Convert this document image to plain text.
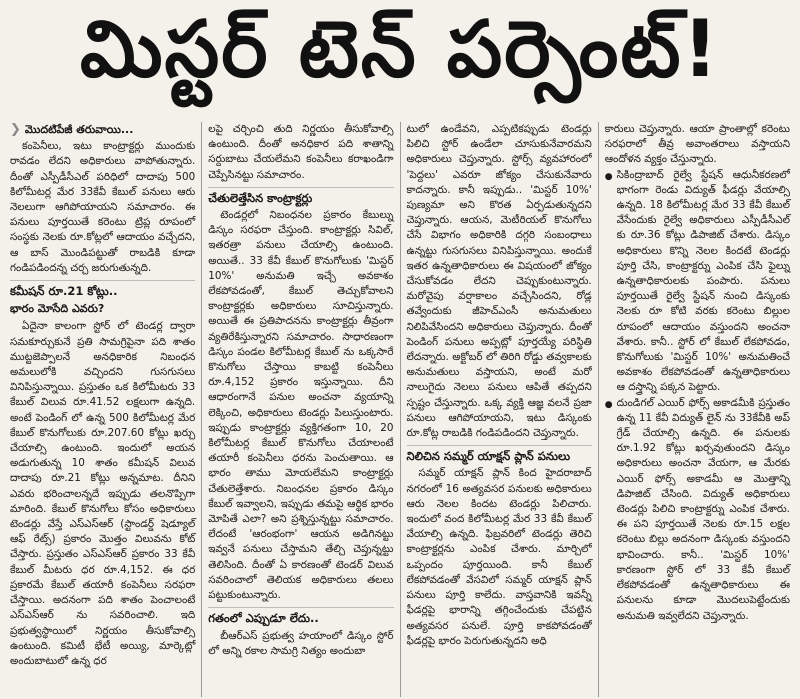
మిస్టర్ టెన్ పర్సెంట్!
❯ మొదటిపేజీ తరువాయి...

కంపెనీలు, ఇటు కాంట్రాక్టర్లు ముందుకు రావడం లేదని అధికారులు వాపోతున్నారు. దీంతో ఎస్పీడీసీఎల్ పరిధిలో దాదాపు 500 కిలోమీటర్ల మేర 33కేవీ కేబుల్ పనులు ఆరు నెలలుగా ఆగిపోయాయని సమాచారం. ఈ పనులు పూర్తయితే కరెంటు ట్రిప్ల రూపంలో సంస్థకు నెలకు రూ.కోట్లలో ఆదాయం వచ్చేదని, ఆ బాస్ మొండిపట్టుతో రాబడికి కూడా గండిపడిందన్న చర్చ జరుగుతున్నది.

కమీషన్ రూ.21 కోట్లు..
భారం మోసేది ఎవరు?

ఏదైనా కాలంగా స్టోర్ లో టెండర్ల ద్వారా సమకూర్చుకునే ప్రతి సామగ్రిపైనా పది శాతం ముట్టజెప్పాలనే అనధికారిక నిబంధన అమలులోకి వచ్చిందని గుసగుసలు వినిపిస్తున్నాయి. ప్రస్తుతం ఒక కిలోమీటరు 33 కేబుల్ విలువ రూ.41.52 లక్షలుగా ఉన్నది. అంటే పెండింగ్ లో ఉన్న 500 కిలోమీటర్ల మేర కేబుల్ కొనుగోలుకు రూ.207.60 కోట్లు ఖర్చు చేయాల్సి ఉంటుంది. ఇందులో అయన అడుగుతున్న 10 శాతం కమీషన్ విలువ దాదాపు రూ.21 కోట్లు అన్నమాట. దీనిని ఎవరు భరించాలన్నదే ఇప్పుడు తలనొప్పిగా మారింది. కేబుల్ కొనుగోలు కోసం అధికారులు టెండర్లు వేస్తే ఎస్ఎస్ఆర్ (స్టాండర్డ్ షెడ్యూల్ ఆఫ్ రేట్స్) ప్రకారం మొత్తం విలువను కోట్ చేస్తారు. ప్రస్తుతం ఎస్ఎస్ఆర్ ప్రకారం 33 కేవీ కేబుల్ మీటరు ధర రూ.4,152. ఈ ధర ప్రకారమే కేబుల్ తయారీ కంపెనీలు సరఫరా చేస్తాయి. అదనంగా పది శాతం పెంచాలంటే ఎస్ఎస్ఆర్ ను సవరించాలి. ఇది ప్రభుత్వస్థాయిలో నిర్ణయం తీసుకోవాల్సి ఉంటుంది. కమిటీ భేటీ అయ్యి, మార్కెట్లో అందుబాటులో ఉన్న ధర

లపై చర్చించి తుది నిర్ణయం తీసుకోవాల్సి ఉంటుంది. దీంతో అనధికార పది శాతాన్ని సర్దుబాటు చేయలేమని కంపెనీలు కరాఖండిగా చెప్పేసినట్టు సమాచారం.

చేతులెత్తేసిన కాంట్రాక్టర్లు

టెండర్లలో నిబంధనల ప్రకారం కేబుల్ను డిస్కం సరఫరా చేస్తుంది. కాంట్రాక్టర్లు సివిల్, ఇతరత్రా పనులు చేయాల్సి ఉంటుంది. అయితే.. 33 కేవీ కేబుల్ కొనుగోలుకు 'మిస్టర్ 10%' అనుమతి ఇచ్చే అవకాశం లేకపోవడంతో, కేబుల్ తెచ్చుకోవాలని కాంట్రాక్టర్లకు అధికారులు సూచిస్తున్నారు. అయితే ఈ ప్రతిపాదనను కాంట్రాక్టర్లు తీవ్రంగా వ్యతిరేకిస్తున్నారని సమాచారం. సాధారణంగా డిస్కం పండల కిలోమీటర్ల కేబుల్ ను ఒక్కసారే కొనుగోలు చేస్తాయి కాబట్టి కంపెనీలు రూ.4,152 ప్రకారం ఇస్తున్నాయి. దీని ఆధారంగానే పనుల అంచనా వ్యయాన్ని లెక్కించి, అధికారులు టెండర్లు పిలుస్తుంటారు. ఇప్పుడు కాంట్రాక్టర్లు వ్యక్తిగతంగా 10, 20 కిలోమీటర్ల కేబుల్ కొనుగోలు చేయాలంటే తయారీ కంపెనీలు ధరను పెంచుతాయి. ఆ భారం తాము మోయలేమని కాంట్రాక్టర్లు చేతులెత్తేశారు. నిబంధనల ప్రకారం డిస్కం కేబుల్ ఇవ్వాలని, ఇప్పుడు తమపై ఆర్థిక భారం మోపితే ఎలా? అని ప్రశ్నిస్తున్నట్టు సమాచారం. లేదంటే 'ఆరంభంగా' ఆయన అడిగినట్టు ఇవ్వనే పనులు చేస్తామని తేల్చి చెప్తున్నట్టు తెలిసింది. దీంతో ఏ కారణంతో టెండర్ విలువ సవరించాలో తెలియక అధికారులు తలలు పట్టుకుంటున్నారు.

గతంలో ఎప్పుడూ లేదు..

బీఆర్ఎస్ ప్రభుత్వ హయాంలో డిస్కం స్టోర్ లో అన్ని రకాల సామగ్రి నిత్యం అందుబా

టులో ఉండేవని, ఎప్పటికప్పుడు టెండర్లు పిలిచి స్టోర్ ఉండేలా చూసుకునేవారమని అధికారులు చెప్తున్నారు. స్టోర్స్ వ్యవహారంలో 'పెద్దలు' ఎవరూ జోక్యం చేసుకునేవారు కాదన్నారు. కానీ ఇప్పుడు.. 'మిస్టర్ 10%' పుణ్యమా అని కొరత ఏర్పడుతున్నదని చెప్తున్నారు. ఆయన, మెటీరియల్ కొనుగోలు చేసే విభాగం అధికారికి దగ్గరి సంబంధాలు ఉన్నట్టు గుసగుసలు వినిపిస్తున్నాయి. అందుకే ఇతర ఉన్నతాధికారులు ఈ విషయంలో జోక్యం చేసుకోవడం లేదని చెప్పుకుంటున్నారు. మరోవైపు వర్షాకాలం వచ్చేసిందని, రోడ్ల తవ్వేందుకు జీహెచ్ఎంసీ అనుమతులు నిలిపివేసిందని అధికారులు చెప్తున్నారు. దీంతో పెండింగ్ పనులు అప్పట్లో పూర్తయ్యే పరిస్థితి లేదన్నారు. అక్టోబర్ లో తిరిగి రోడ్డు తవ్వకాలకు అనుమతులు వస్తాయని, అంటే మరో నాలుగైదు నెలలు పనులు ఆపితే తప్పదని స్పష్టం చేస్తున్నారు. ఒక్క వ్యక్తి ఆజ్ఞ వలనే ప్రజా పనులు ఆగిపోయాయని, ఇటు డిస్కంకు రూ.కోట్ల రాబడికి గండిపడిందని చెప్తున్నారు.

నిలిచిన సమ్మర్ యాక్షన్ ప్లాన్ పనులు

సమ్మర్ యాక్షన్ ప్లాన్ కింద హైదరాబాద్ నగరంలో 16 అత్యవసర పనులకు అధికారులు ఆరు నెలల కిందట టెండర్లు పిలిచారు. ఇందులో వంద కిలోమీటర్ల మేర 33 కేవీ కేబుల్ వేయాల్సి ఉన్నది. ఫిబ్రవరిలో టెండర్లు తెరిచి కాంట్రాక్టర్లను ఎంపిక చేశారు. మార్చిలో ఒప్పందం పూర్తయింది. కానీ కేబుల్ లేకపోవడంతో వేసవిలో సమ్మర్ యాక్షన్ ప్లాన్ పనులు పూర్తి కాలేదు. వాస్తవానికి ఇవన్నీ ఫీడర్లపై భారాన్ని తగ్గించేందుకు చేపట్టిన అత్యవసర పనులే. పూర్తి కాకపోవడంతో ఫీడర్లపై భారం పెరుగుతున్నదని అధి

కారులు చెప్తున్నారు. ఆయా ప్రాంతాల్లో కరెంటు సరఫరాలో తీవ్ర అవాంతరాలు వస్తాయని ఆందోళన వ్యక్తం చేస్తున్నారు.

● సికింద్రాబాద్ రైల్వే స్టేషన్ ఆధునీకరణలో భాగంగా రెండు విద్యుత్ ఫీడర్లు వేయాల్సి ఉన్నది. 18 కిలోమీటర్ల మేర 33 కేవీ కేబుల్ వేసేందుకు రైల్వే అధికారులు ఎస్పీడీసీఎల్ కు రూ.36 కోట్లు డిపాజిట్ చేశారు. డిస్కం అధికారులు కొన్ని నెలల కిందటే టెండర్లు పూర్తి చేసి, కాంట్రాక్టర్ను ఎంపిక చేసి ఫైల్ను ఉన్నతాధికారులకు పంపారు. పనులు పూర్తయితే రైల్వే స్టేషన్ నుంచి డిస్కంకు నెలకు రూ కోటి వరకు కరెంటు బిల్లుల రూపంలో ఆదాయం వస్తుందని అంచనా వేశారు. కానీ.. స్టోర్ లో కేబుల్ లేకపోవడం, కొనుగోలుకు 'మిస్టర్ 10%' అనుమతించే అవకాశం లేకపోవడంతో ఉన్నతాధికారులు ఆ దస్త్రాన్ని పక్కన పెట్టారు.

● దుండిగల్ ఎయిర్ ఫోర్స్ అకాడమీకి ప్రస్తుతం ఉన్న 11 కేవీ విద్యుత్ లైన్ ను 33కేవీకి అప్ గ్రేడ్ చేయాల్సి ఉన్నది. ఈ పనులకు రూ.1.92 కోట్లు ఖర్చవుతుందని డిస్కం అధికారులు అంచనా వేయగా, ఆ మేరకు ఎయిర్ ఫోర్స్ అకాడమీ ఆ మొత్తాన్ని డిపాజిట్ చేసింది. విద్యుత్ అధికారులు టెండర్లు పిలిచి కాంట్రాక్టర్ను ఎంపిక చేశారు. ఈ పని పూర్తయితే నెలకు రూ.15 లక్షల కరెంటు బిల్లు అదనంగా డిస్కంకు వస్తుందని భావించారు. కానీ.. 'మిస్టర్ 10%' కారణంగా స్టోర్ లో 33 కేవీ కేబుల్ లేకపోవడంతో ఉన్నతాధికారులు ఈ పనులను కూడా మొదలుపెట్టేందుకు అనుమతి ఇవ్వలేదని చెప్తున్నారు.
